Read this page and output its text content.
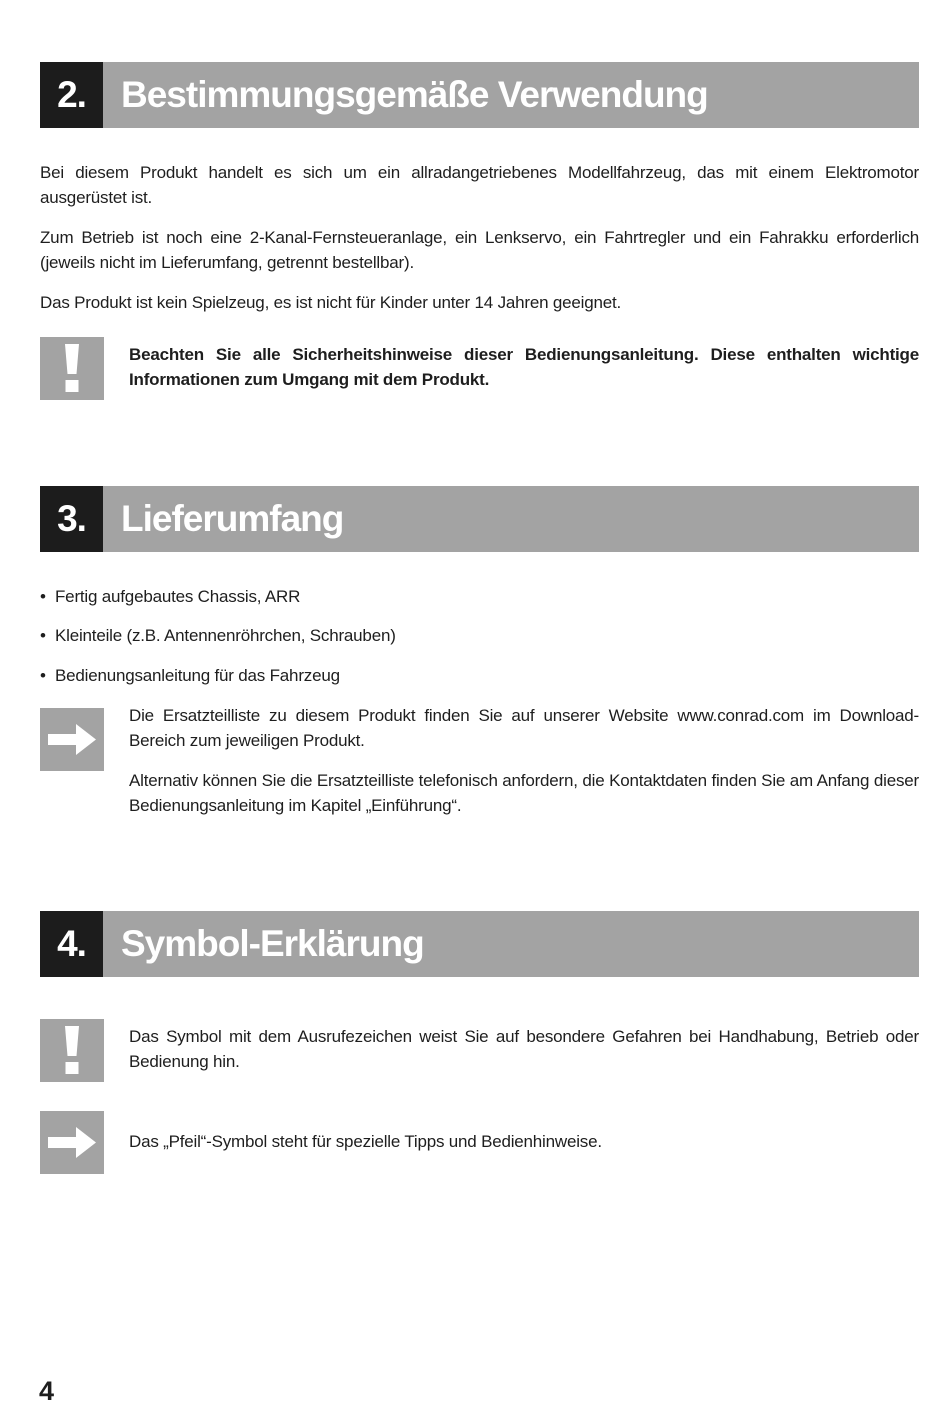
2. Bestimmungsgemäße Verwendung

Bei diesem Produkt handelt es sich um ein allradangetriebenes Modellfahrzeug, das mit einem Elektromotor ausgerüstet ist.

Zum Betrieb ist noch eine 2-Kanal-Fernsteueranlage, ein Lenkservo, ein Fahrtregler und ein Fahrakku erforderlich (jeweils nicht im Lieferumfang, getrennt bestellbar).

Das Produkt ist kein Spielzeug, es ist nicht für Kinder unter 14 Jahren geeignet.

Beachten Sie alle Sicherheitshinweise dieser Bedienungsanleitung. Diese enthalten wichtige Informationen zum Umgang mit dem Produkt.

3. Lieferumfang
• Fertig aufgebautes Chassis, ARR
• Kleinteile (z.B. Antennenröhrchen, Schrauben)
• Bedienungsanleitung für das Fahrzeug

Die Ersatzteilliste zu diesem Produkt finden Sie auf unserer Website www.conrad.com im Download-Bereich zum jeweiligen Produkt.

Alternativ können Sie die Ersatzteilliste telefonisch anfordern, die Kontaktdaten finden Sie am Anfang dieser Bedienungsanleitung im Kapitel „Einführung“.

4. Symbol-Erklärung

Das Symbol mit dem Ausrufezeichen weist Sie auf besondere Gefahren bei Handhabung, Betrieb oder Bedienung hin.

Das „Pfeil“-Symbol steht für spezielle Tipps und Bedienhinweise.

4
